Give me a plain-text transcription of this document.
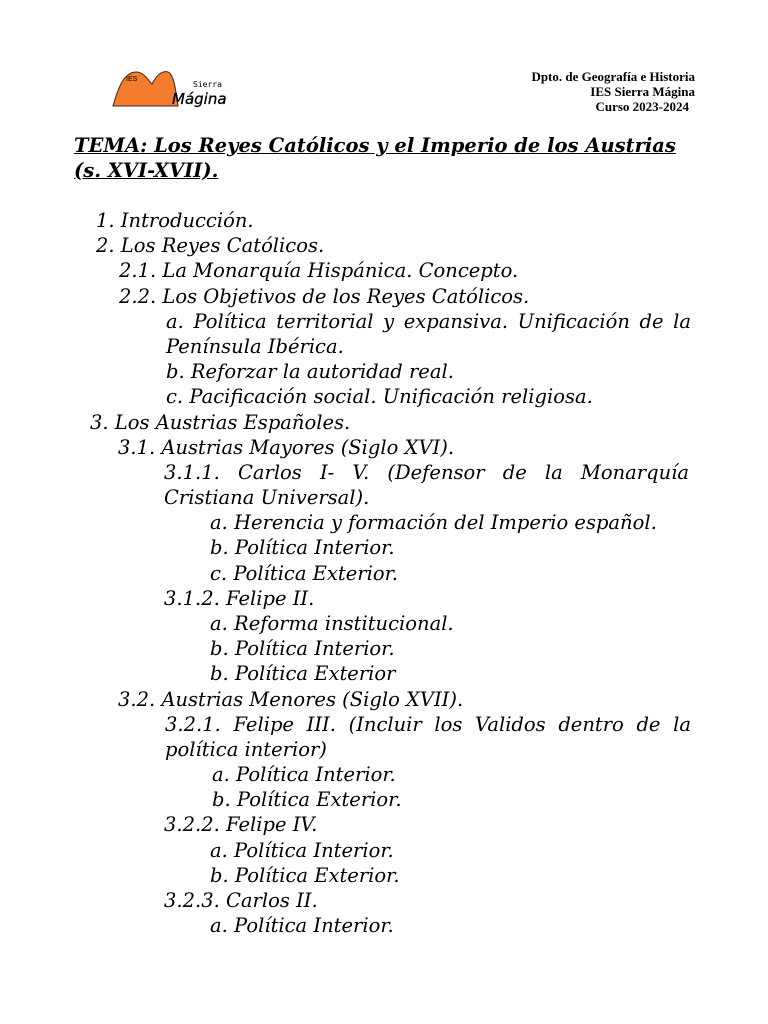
IES
Sierra
Mágina
Dpto. de Geografía e Historia
IES Sierra Mágina
Curso 2023-2024
TEMA: Los Reyes Católicos y el Imperio de los Austrias
(s. XVI-XVII).
1. Introducción.
2. Los Reyes Católicos.
2.1. La Monarquía Hispánica. Concepto.
2.2. Los Objetivos de los Reyes Católicos.
a. Política territorial y expansiva. Unificación de la Península Ibérica.
b. Reforzar la autoridad real.
c. Pacificación social. Unificación religiosa.
3. Los Austrias Españoles.
3.1. Austrias Mayores (Siglo XVI).
3.1.1. Carlos I- V. (Defensor de la Monarquía Cristiana Universal).
a. Herencia y formación del Imperio español.
b. Política Interior.
c. Política Exterior.
3.1.2. Felipe II.
a. Reforma institucional.
b. Política Interior.
b. Política Exterior
3.2. Austrias Menores (Siglo XVII).
3.2.1. Felipe III. (Incluir los Validos dentro de la política interior)
a. Política Interior.
b. Política Exterior.
3.2.2. Felipe IV.
a. Política Interior.
b. Política Exterior.
3.2.3. Carlos II.
a. Política Interior.
